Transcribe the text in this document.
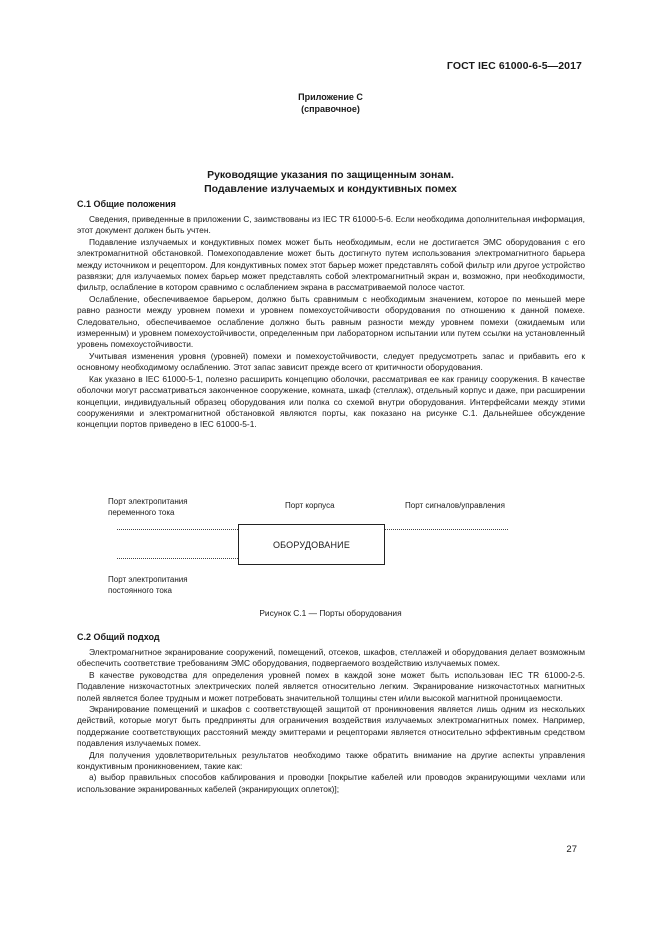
ГОСТ IEC 61000-6-5—2017
Приложение С
(справочное)
Руководящие указания по защищенным зонам.
Подавление излучаемых и кондуктивных помех
С.1 Общие положения

Сведения, приведенные в приложении С, заимствованы из IEC TR 61000-5-6. Если необходима дополнительная информация, этот документ должен быть учтен.

Подавление излучаемых и кондуктивных помех может быть необходимым, если не достигается ЭМС оборудования с его электромагнитной обстановкой. Помехоподавление может быть достигнуто путем использования электромагнитного барьера между источником и рецептором. Для кондуктивных помех этот барьер может представлять собой фильтр или другое устройство развязки; для излучаемых помех барьер может представлять собой электромагнитный экран и, возможно, при необходимости, фильтр, ослабление в котором сравнимо с ослаблением экрана в рассматриваемой полосе частот.

Ослабление, обеспечиваемое барьером, должно быть сравнимым с необходимым значением, которое по меньшей мере равно разности между уровнем помехи и уровнем помехоустойчивости оборудования по отношению к данной помехе. Следовательно, обеспечиваемое ослабление должно быть равным разности между уровнем помехи (ожидаемым или измеренным) и уровнем помехоустойчивости, определенным при лабораторном испытании или путем ссылки на установленный уровень помехоустойчивости.

Учитывая изменения уровня (уровней) помехи и помехоустойчивости, следует предусмотреть запас и прибавить его к основному необходимому ослаблению. Этот запас зависит прежде всего от критичности оборудования.

Как указано в IEC 61000-5-1, полезно расширить концепцию оболочки, рассматривая ее как границу сооружения. В качестве оболочки могут рассматриваться законченное сооружение, комната, шкаф (стеллаж), отдельный корпус и даже, при расширении концепции, индивидуальный образец оборудования или полка со схемой внутри оборудования. Интерфейсами между этими сооружениями и электромагнитной обстановкой являются порты, как показано на рисунке С.1. Дальнейшее обсуждение концепции портов приведено в IEC 61000-5-1.

Порт электропитания
переменного тока
Порт корпуса	Порт сигналов/управления
ОБОРУДОВАНИЕ
Порт электропитания
постоянного тока
Рисунок С.1 — Порты оборудования
С.2 Общий подход

Электромагнитное экранирование сооружений, помещений, отсеков, шкафов, стеллажей и оборудования делает возможным обеспечить соответствие требованиям ЭМС оборудования, подвергаемого воздействию излучаемых помех.

В качестве руководства для определения уровней помех в каждой зоне может быть использован IEC TR 61000-2-5. Подавление низкочастотных электрических полей является относительно легким. Экранирование низкочастотных магнитных полей является более трудным и может потребовать значительной толщины стен и/или высокой магнитной проницаемости.

Экранирование помещений и шкафов с соответствующей защитой от проникновения является лишь одним из нескольких действий, которые могут быть предприняты для ограничения воздействия излучаемых электромагнитных помех. Например, поддержание соответствующих расстояний между эмиттерами и рецепторами является относительно эффективным средством подавления излучаемых помех.

Для получения удовлетворительных результатов необходимо также обратить внимание на другие аспекты управления кондуктивным проникновением, такие как:

а) выбор правильных способов каблирования и проводки [покрытие кабелей или проводов экранирующими чехлами или использование экранированных кабелей (экранирующих оплеток)];

27
